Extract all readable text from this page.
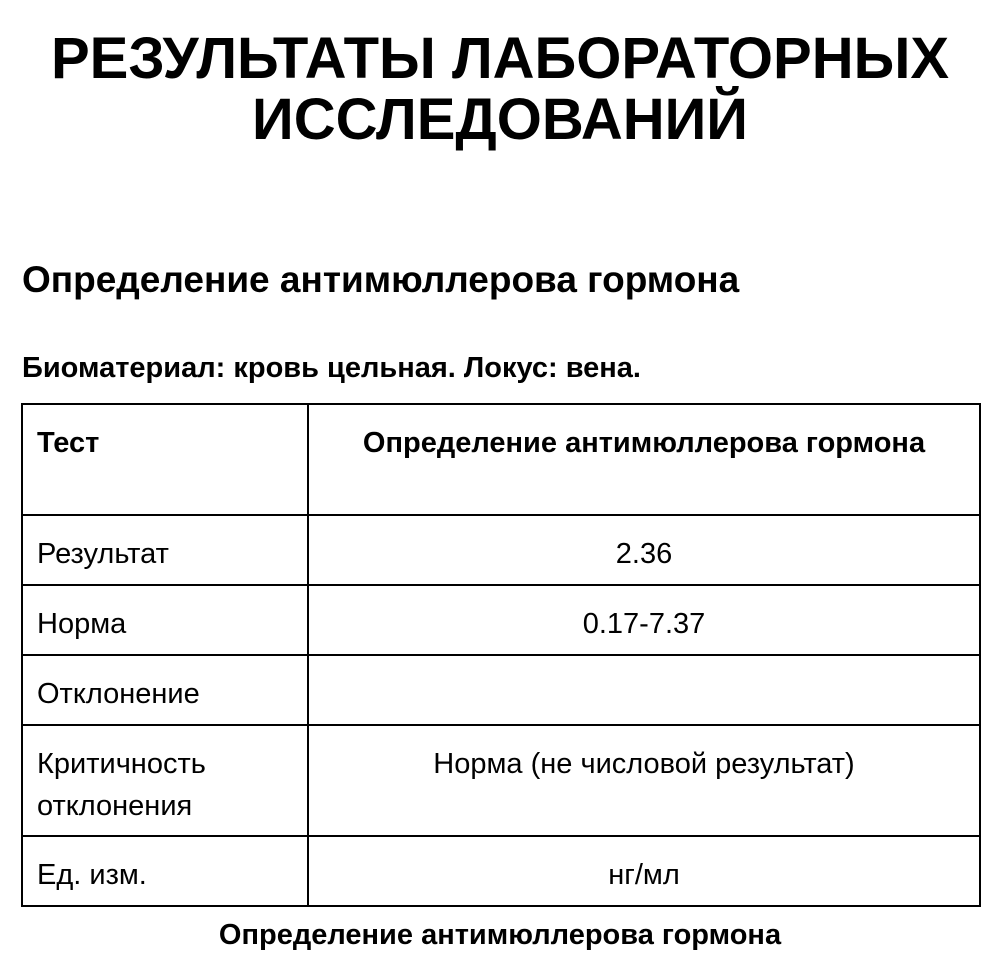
РЕЗУЛЬТАТЫ ЛАБОРАТОРНЫХ ИССЛЕДОВАНИЙ
Определение антимюллерова гормона

Биоматериал: кровь цельная. Локус: вена.

Тест	Определение антимюллерова гормона
Результат	2.36
Норма	0.17-7.37
Отклонение	
Критичность отклонения	Норма (не числовой результат)
Ед. изм.	нг/мл

Определение антимюллерова гормона
